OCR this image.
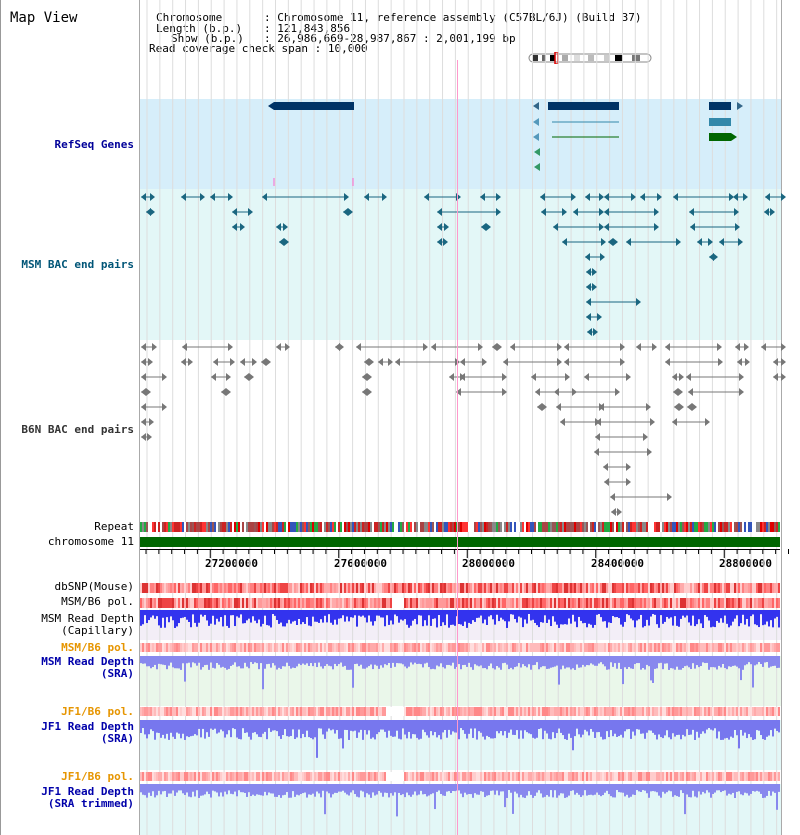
Map View	Chromosome	: Chromosome 11, reference assembly (C57BL/6J) (Build 37)
Length (b.p.) : 121,843,856
Show (b.p.) : 26,986,669-28,987,867 : 2,001,199 bp
Read coverage check span : 10,000
RefSeq Genes
MSM BAC end pairs
B6N BAC end pairs
Repeat
chromosome 11
dbSNP(Mouse)
MSM/B6 pol.
MSM Read Depth
(Capillary)
MSM/B6 pol.
MSM Read Depth
(SRA)
JF1/B6 pol.
JF1 Read Depth
(SRA)
JF1/B6 pol.
JF1 Read Depth
(SRA trimmed)
27200000	27600000	28000000	28400000	28800000
